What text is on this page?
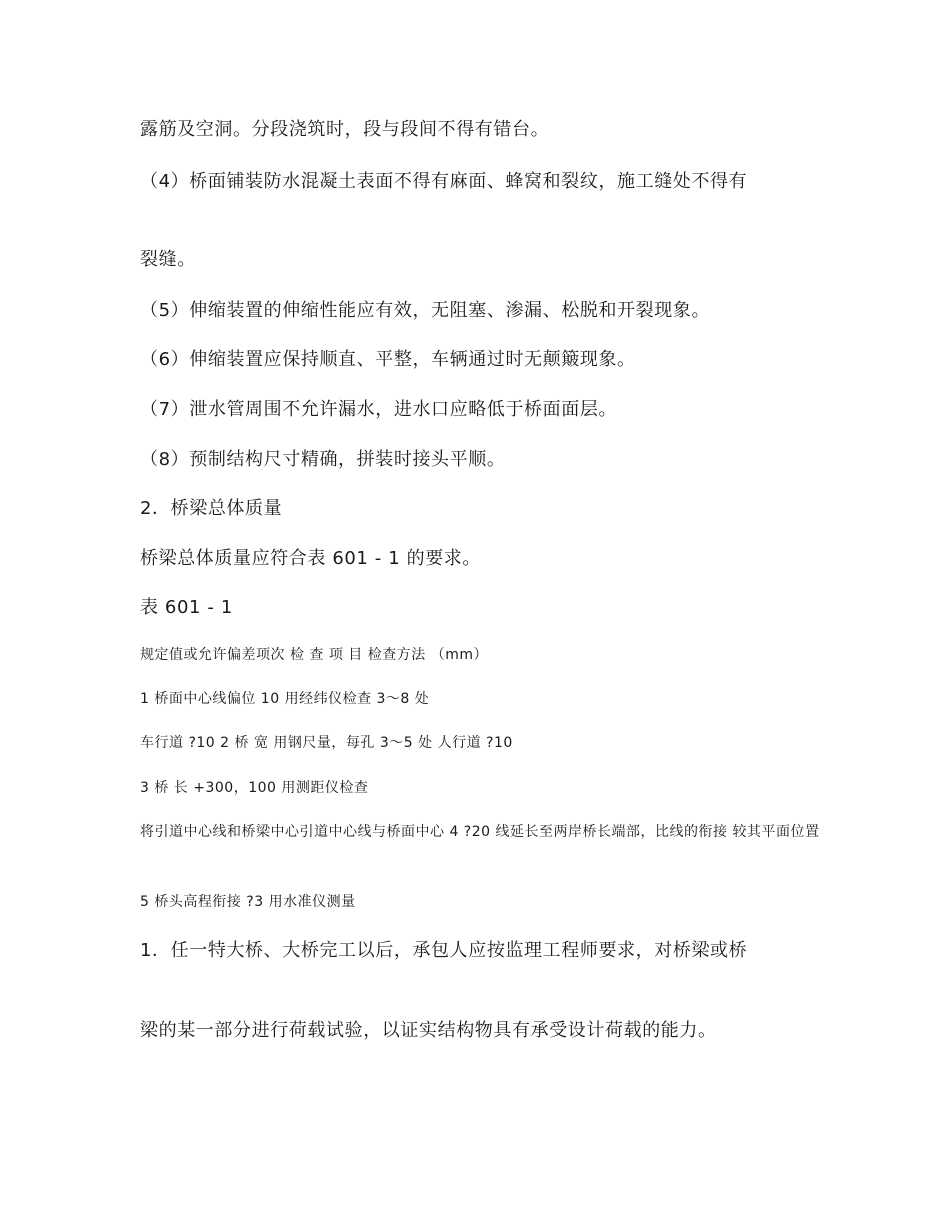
露筋及空洞。分段浇筑时，段与段间不得有错台。

（4）桥面铺装防水混凝土表面不得有麻面、蜂窝和裂纹，施工缝处不得有

裂缝。

（5）伸缩装置的伸缩性能应有效，无阻塞、渗漏、松脱和开裂现象。

（6）伸缩装置应保持顺直、平整，车辆通过时无颠簸现象。

（7）泄水管周围不允许漏水，进水口应略低于桥面面层。

（8）预制结构尺寸精确，拼装时接头平顺。

2．桥梁总体质量

桥梁总体质量应符合表 601 - 1 的要求。

表 601 - 1

规定值或允许偏差项次 检 查 项 目 检查方法 （mm）

1 桥面中心线偏位 10 用经纬仪检查 3～8 处

车行道 ?10 2 桥 宽 用钢尺量，每孔 3～5 处 人行道 ?10

3 桥 长 +300，100 用测距仪检查

将引道中心线和桥梁中心引道中心线与桥面中心 4 ?20 线延长至两岸桥长端部，比线的衔接 较其平面位置

5 桥头高程衔接 ?3 用水准仪测量

1．任一特大桥、大桥完工以后，承包人应按监理工程师要求，对桥梁或桥

梁的某一部分进行荷载试验，以证实结构物具有承受设计荷载的能力。
